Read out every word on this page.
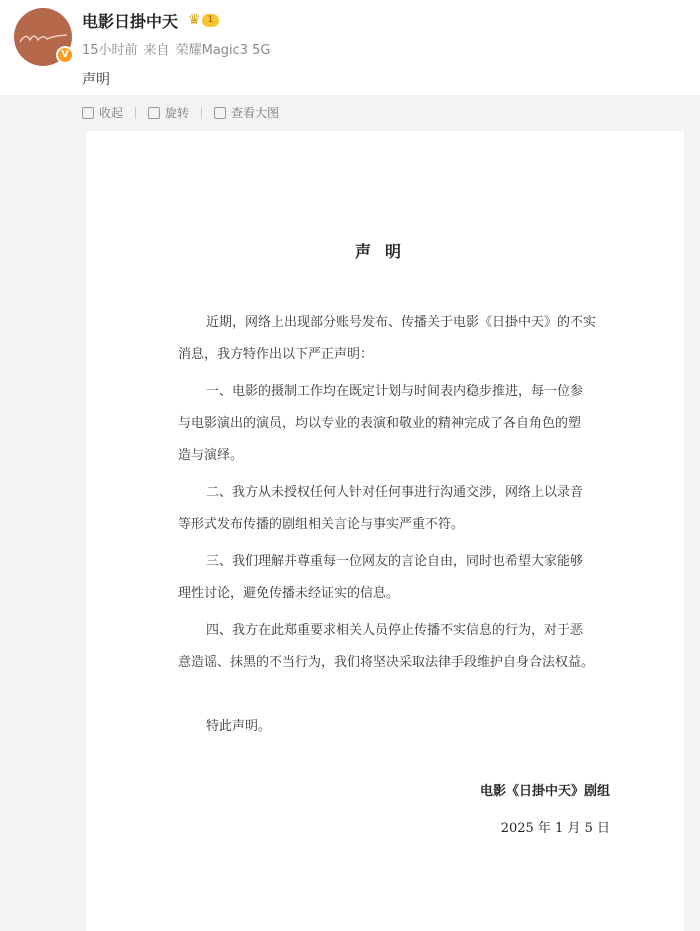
V
电影日掛中天 ♛ 1
15小时前 来自 荣耀Magic3 5G
声明
收起	旋转	查看大图
声明
近期，网络上出现部分账号发布、传播关于电影《日掛中天》的不实
消息，我方特作出以下严正声明：
一、电影的摄制工作均在既定计划与时间表内稳步推进，每一位参
与电影演出的演员，均以专业的表演和敬业的精神完成了各自角色的塑
造与演绎。
二、我方从未授权任何人针对任何事进行沟通交涉，网络上以录音
等形式发布传播的剧组相关言论与事实严重不符。
三、我们理解并尊重每一位网友的言论自由，同时也希望大家能够
理性讨论，避免传播未经证实的信息。
四、我方在此郑重要求相关人员停止传播不实信息的行为，对于恶
意造谣、抹黑的不当行为，我们将坚决采取法律手段维护自身合法权益。
特此声明。
电影《日掛中天》剧组
2025 年 1 月 5 日
